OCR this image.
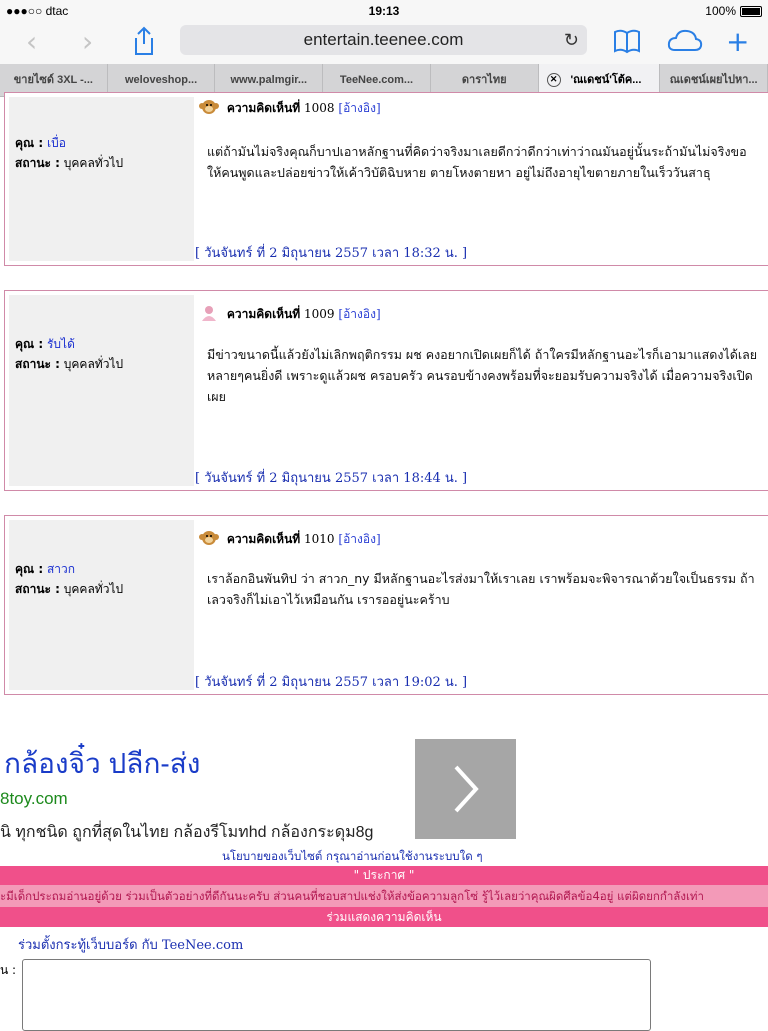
●●●○○ dtac	19:13	100%
‹ ›	entertain.teenee.com	↻	+
ขายไซด์ 3XL -...	weloveshop...	www.palmgir...	TeeNee.com...	ดาราไทย	✕ 'ณเดชน์'โต้ค...	ณเดชน์เผยไปหา...
คุณ : เบื่อ
สถานะ : บุคคลทั่วไป
ความคิดเห็นที่ 1008 [อ้างอิง]
แต่ถ้ามันไม่จริงคุณก็บาปเอาหลักฐานที่คิดว่าจริงมาเลยดีกว่าดีกว่าเท่าว่าณมันอยู่นั้นระถ้ามันไม่จริงขอให้คนพูดและปล่อยข่าวให้เค้าวิบัติฉิบหาย ตายโหงตายหา อยู่ไม่ถึงอายุไขตายภายในเร็ววันสาธุ
[ วันจันทร์ ที่ 2 มิถุนายน 2557 เวลา 18:32 น. ]
คุณ : รับได้
สถานะ : บุคคลทั่วไป
ความคิดเห็นที่ 1009 [อ้างอิง]
มีข่าวขนาดนี้แล้วยังไม่เลิกพฤติกรรม ผช คงอยากเปิดเผยก็ได้ ถ้าใครมีหลักฐานอะไรก็เอามาแสดงได้เลยหลายๆคนยิ่งดี เพราะดูแล้วผช ครอบครัว คนรอบข้างคงพร้อมที่จะยอมรับความจริงได้ เมื่อความจริงเปิดเผย
[ วันจันทร์ ที่ 2 มิถุนายน 2557 เวลา 18:44 น. ]
คุณ : สาวก
สถานะ : บุคคลทั่วไป
ความคิดเห็นที่ 1010 [อ้างอิง]
เราล้อกอินพันทิป ว่า สาวก_ny มีหลักฐานอะไรส่งมาให้เราเลย เราพร้อมจะพิจารณาด้วยใจเป็นธรรม ถ้าเลวจริงก็ไม่เอาไว้เหมือนกัน เรารออยู่นะคร้าบ
[ วันจันทร์ ที่ 2 มิถุนายน 2557 เวลา 19:02 น. ]
กล้องจิ๋ว ปลีก-ส่ง
8toy.com
นิ ทุกชนิด ถูกที่สุดในไทย กล้องรีโมทhd กล้องกระดุม8g
นโยบายของเว็บไซต์ กรุณาอ่านก่อนใช้งานระบบใด ๆ
" ประกาศ "
ะมีเด็กประถมอ่านอยู่ด้วย ร่วมเป็นตัวอย่างที่ดีกันนะครับ ส่วนคนที่ชอบสาปแช่งให้ส่งข้อความลูกโซ่ รู้ไว้เลยว่าคุณผิดศีลข้อ4อยู่ แต่ผิดยกกำลังเท่า
ร่วมแสดงความคิดเห็น
ร่วมตั้งกระทู้เว็บบอร์ด กับ TeeNee.com
น :
